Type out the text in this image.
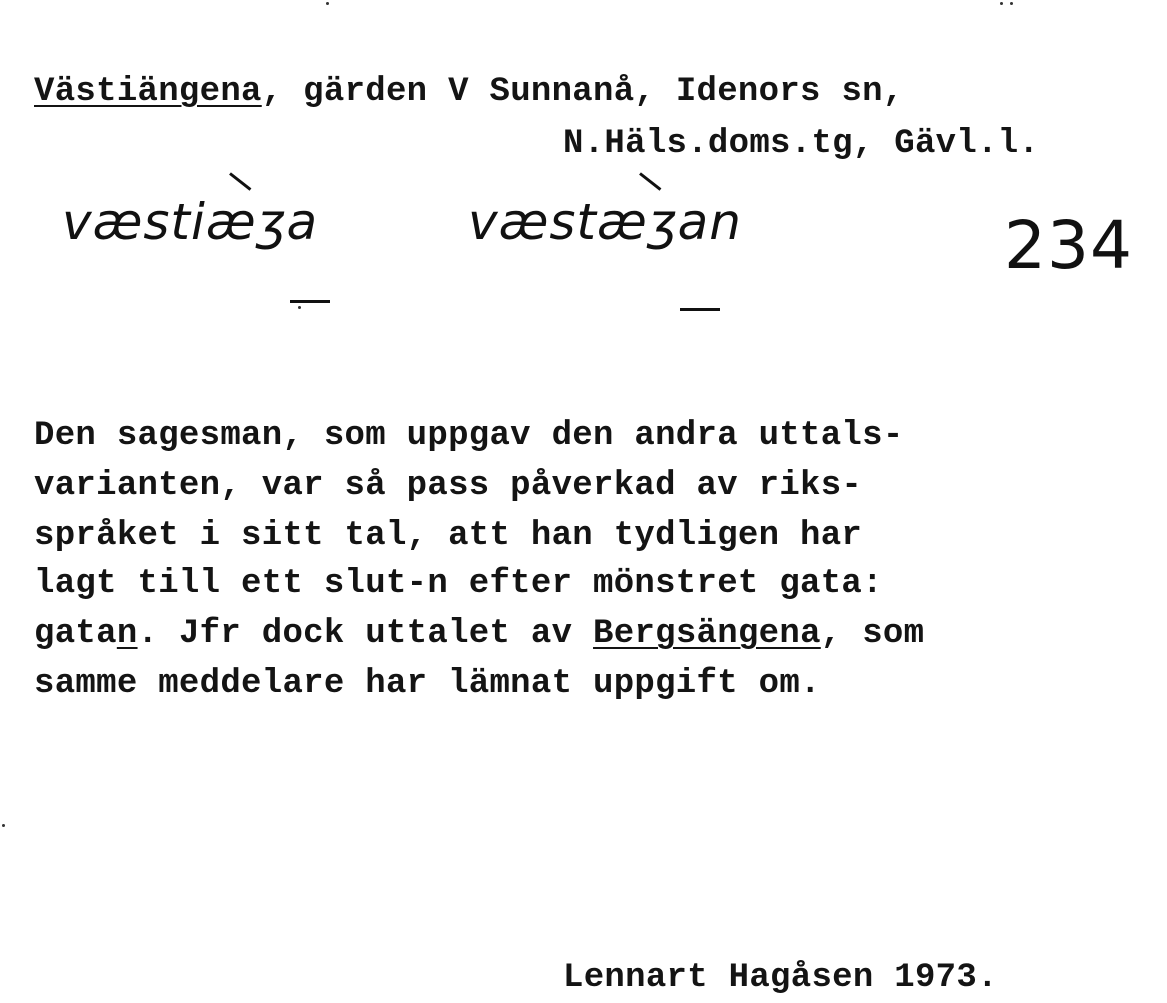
Västiängena, gärden V Sunnanå, Idenors sn,
N.Häls.doms.tg, Gävl.l.
væstiæʒa	væstæʒan	234
Den sagesman, som uppgav den andra uttals-
varianten, var så pass påverkad av riks-
språket i sitt tal, att han tydligen har
lagt till ett slut-n efter mönstret gata:
gatan. Jfr dock uttalet av Bergsängena, som
samme meddelare har lämnat uppgift om.
Lennart Hagåsen 1973.
